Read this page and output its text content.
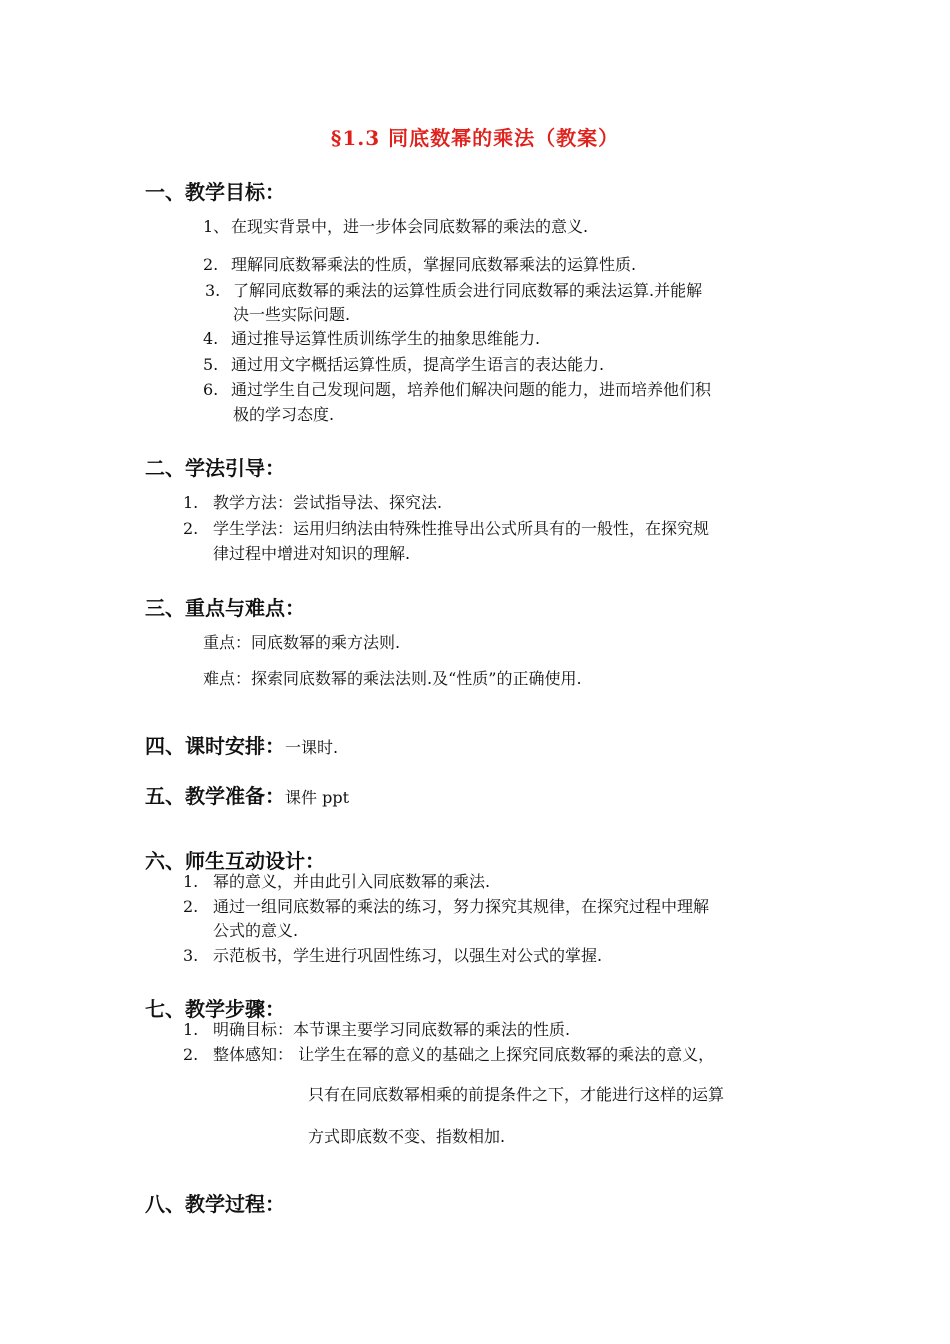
§1.3 同底数幂的乘法（教案）
一、教学目标：
1、 在现实背景中，进一步体会同底数幂的乘法的意义.
2. 理解同底数幂乘法的性质，掌握同底数幂乘法的运算性质.
3. 了解同底数幂的乘法的运算性质会进行同底数幂的乘法运算.并能解
决一些实际问题.
4. 通过推导运算性质训练学生的抽象思维能力.
5. 通过用文字概括运算性质，提高学生语言的表达能力.
6. 通过学生自己发现问题，培养他们解决问题的能力，进而培养他们积
极的学习态度.
二、学法引导：
1. 教学方法：尝试指导法、探究法.
2. 学生学法：运用归纳法由特殊性推导出公式所具有的一般性，在探究规
律过程中增进对知识的理解.
三、重点与难点：
重点：同底数幂的乘方法则.
难点：探索同底数幂的乘法法则.及“性质”的正确使用.
四、课时安排：一课时.
五、教学准备：课件 ppt
六、师生互动设计：
1. 幂的意义，并由此引入同底数幂的乘法.
2. 通过一组同底数幂的乘法的练习，努力探究其规律，在探究过程中理解
公式的意义.
3. 示范板书，学生进行巩固性练习，以强生对公式的掌握.
七、教学步骤：
1. 明确目标：本节课主要学习同底数幂的乘法的性质.
2. 整体感知： 让学生在幂的意义的基础之上探究同底数幂的乘法的意义，
只有在同底数幂相乘的前提条件之下，才能进行这样的运算
方式即底数不变、指数相加.
八、教学过程：
